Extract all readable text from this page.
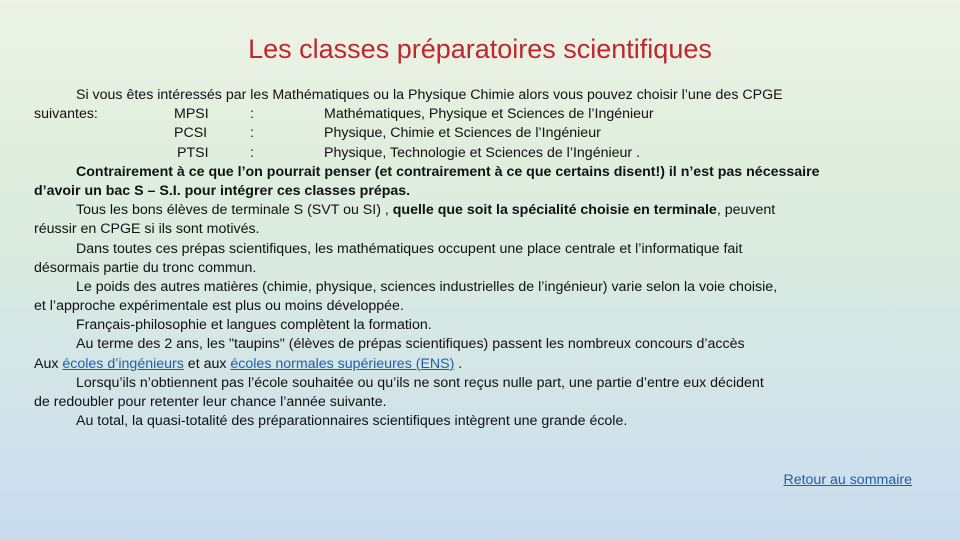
Les classes préparatoires scientifiques
Si vous êtes intéressés par les Mathématiques ou la Physique Chimie alors vous pouvez choisir l’une des CPGE
suivantes:	MPSI	:	Mathématiques, Physique et Sciences de l’Ingénieur
PCSI	:	Physique, Chimie et Sciences de l’Ingénieur
PTSI	:	Physique, Technologie et Sciences de l’Ingénieur .
Contrairement à ce que l’on pourrait penser (et contrairement à ce que certains disent!) il n’est pas nécessaire
d’avoir un bac S – S.I. pour intégrer ces classes prépas.
Tous les bons élèves de terminale S (SVT ou SI) , quelle que soit la spécialité choisie en terminale, peuvent
réussir en CPGE si ils sont motivés.
Dans toutes ces prépas scientifiques, les mathématiques occupent une place centrale et l’informatique fait
désormais partie du tronc commun.
Le poids des autres matières (chimie, physique, sciences industrielles de l’ingénieur) varie selon la voie choisie,
et l’approche expérimentale est plus ou moins développée.
Français-philosophie et langues complètent la formation.
Au terme des 2 ans, les "taupins" (élèves de prépas scientifiques) passent les nombreux concours d’accès
Aux écoles d’ingénieurs et aux écoles normales supérieures (ENS) .
Lorsqu’ils n’obtiennent pas l’école souhaitée ou qu’ils ne sont reçus nulle part, une partie d’entre eux décident
de redoubler pour retenter leur chance l’année suivante.
Au total, la quasi-totalité des préparationnaires scientifiques intègrent une grande école.
Retour au sommaire
